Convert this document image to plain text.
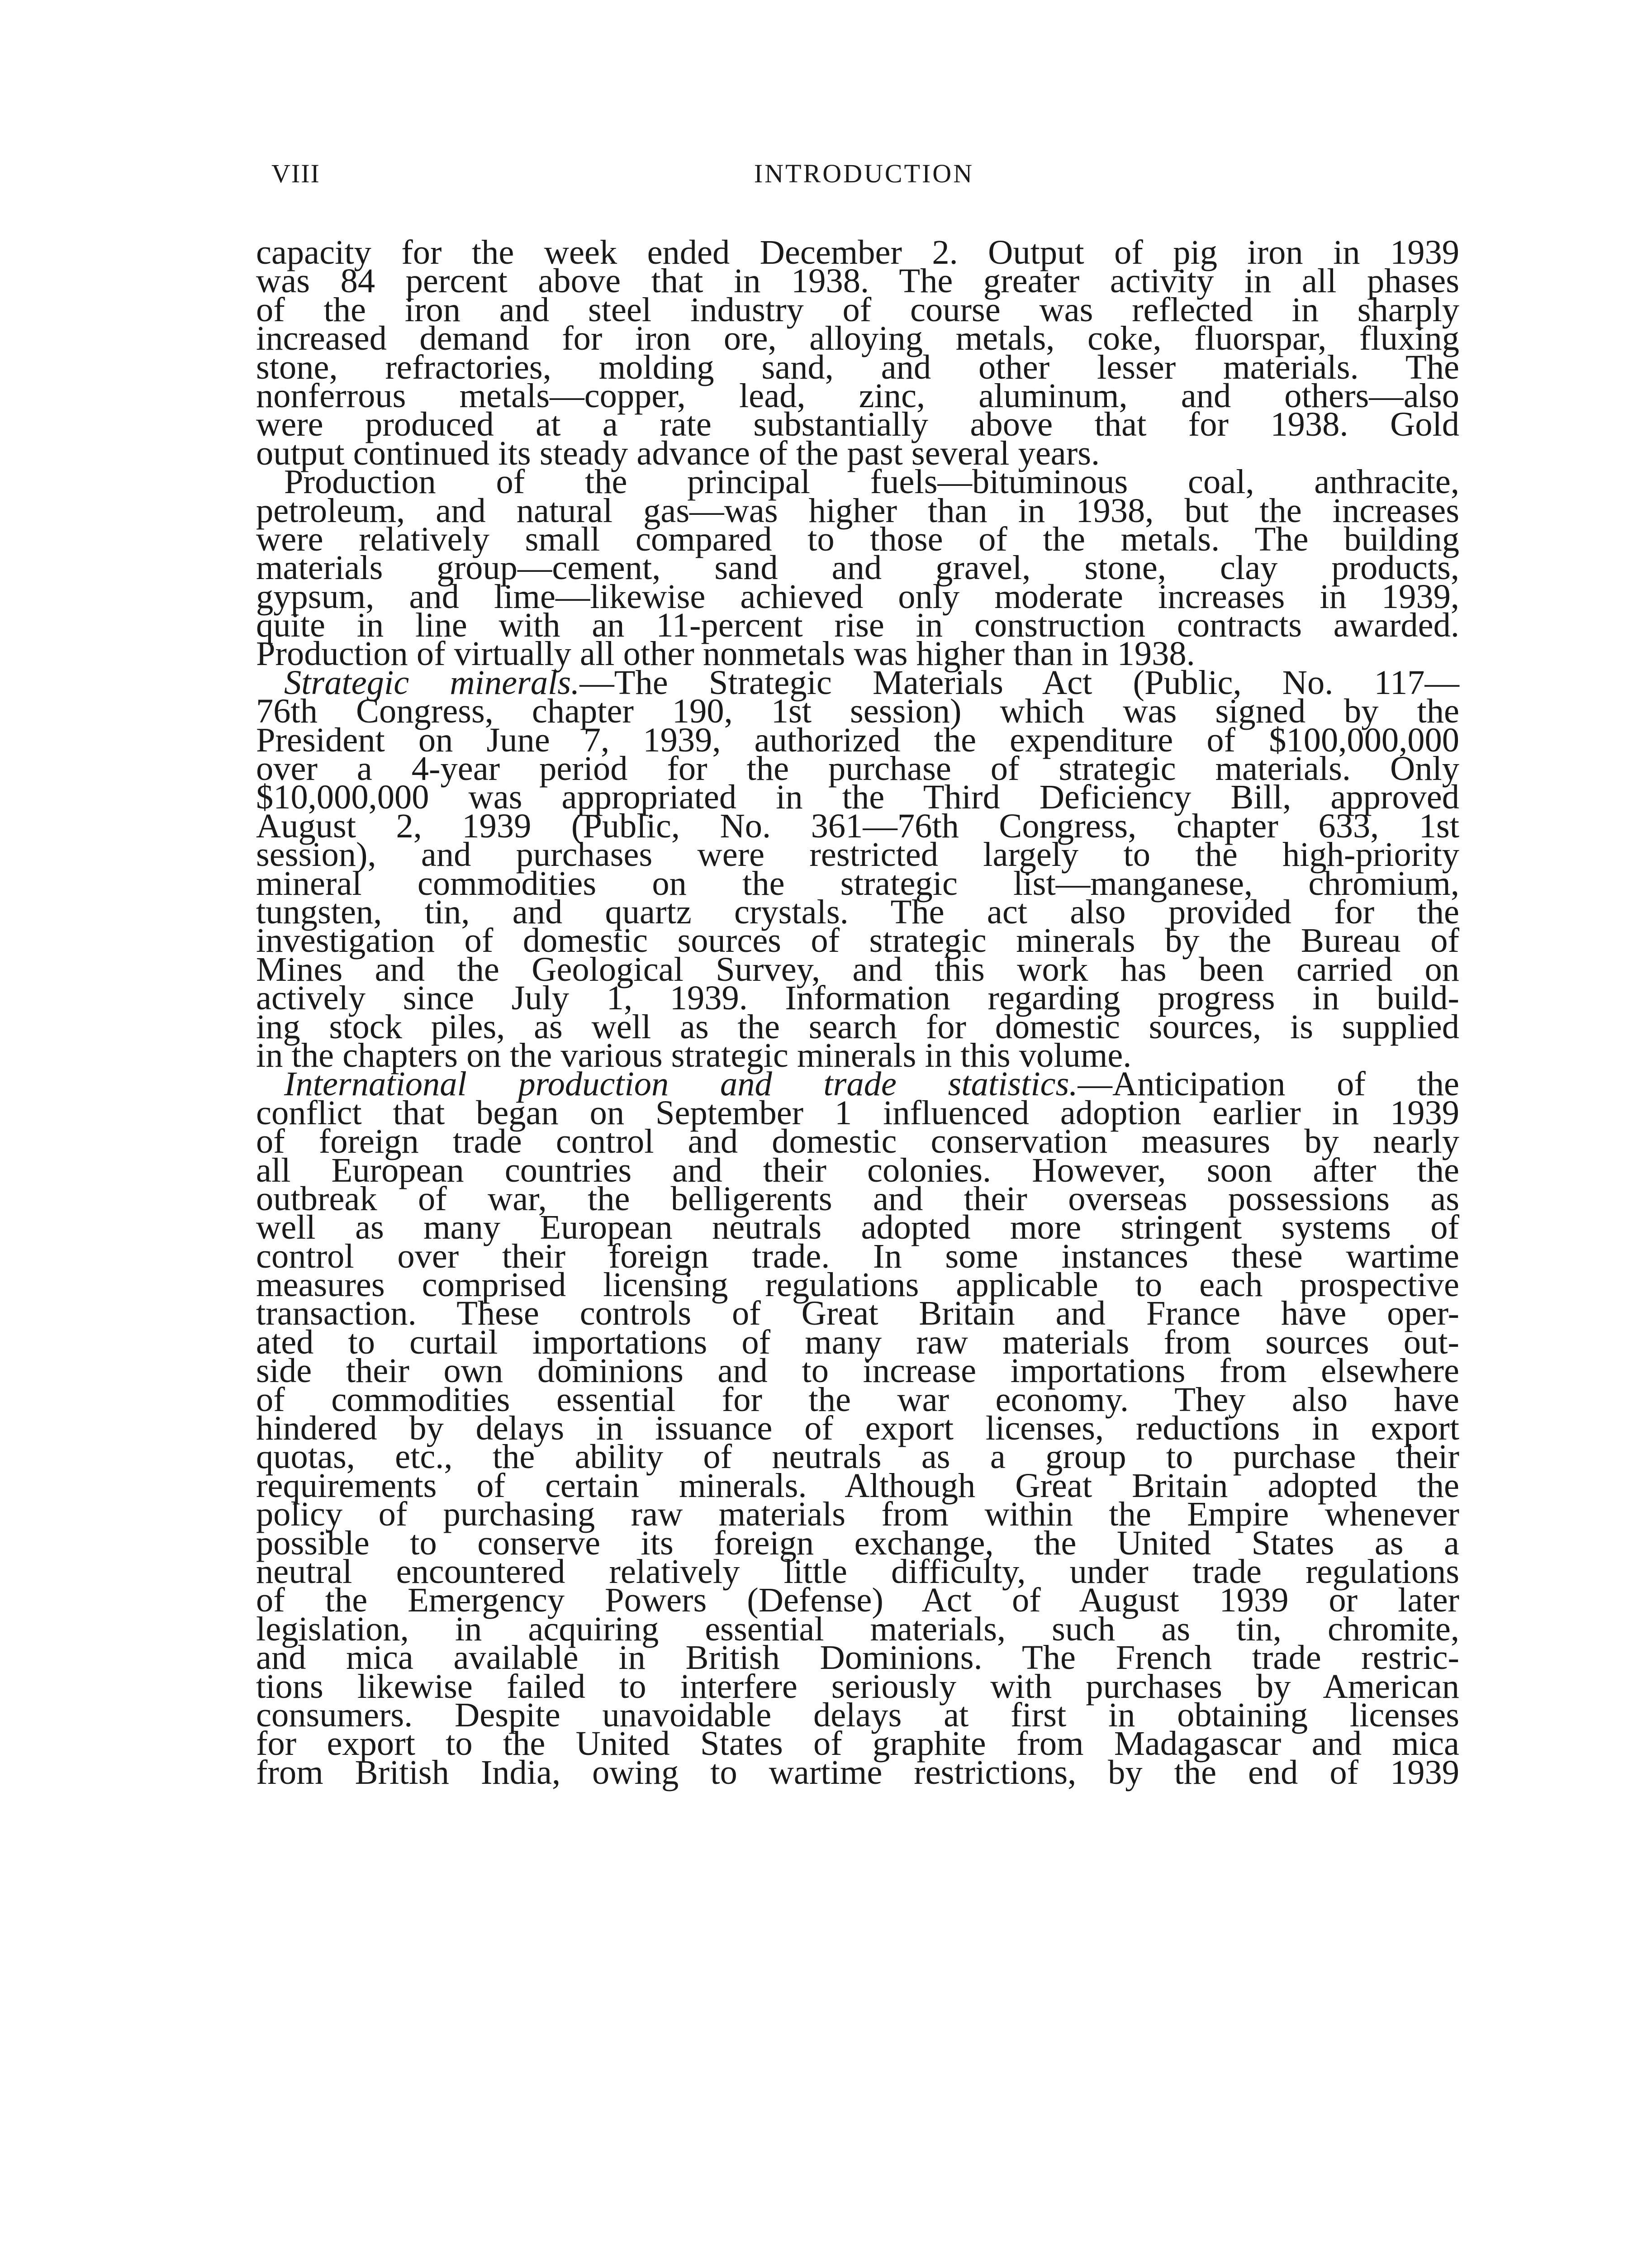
VIII	INTRODUCTION
capacity for the week ended December 2. Output of pig iron in 1939
was 84 percent above that in 1938. The greater activity in all phases
of the iron and steel industry of course was reflected in sharply
increased demand for iron ore, alloying metals, coke, fluorspar, fluxing
stone, refractories, molding sand, and other lesser materials. The
nonferrous metals—copper, lead, zinc, aluminum, and others—also
were produced at a rate substantially above that for 1938. Gold
output continued its steady advance of the past several years.
Production of the principal fuels—bituminous coal, anthracite,
petroleum, and natural gas—was higher than in 1938, but the increases
were relatively small compared to those of the metals. The building
materials group—cement, sand and gravel, stone, clay products,
gypsum, and lime—likewise achieved only moderate increases in 1939,
quite in line with an 11-percent rise in construction contracts awarded.
Production of virtually all other nonmetals was higher than in 1938.
Strategic minerals.—The Strategic Materials Act (Public, No. 117—
76th Congress, chapter 190, 1st session) which was signed by the
President on June 7, 1939, authorized the expenditure of $100,000,000
over a 4-year period for the purchase of strategic materials. Only
$10,000,000 was appropriated in the Third Deficiency Bill, approved
August 2, 1939 (Public, No. 361—76th Congress, chapter 633, 1st
session), and purchases were restricted largely to the high-priority
mineral commodities on the strategic list—manganese, chromium,
tungsten, tin, and quartz crystals. The act also provided for the
investigation of domestic sources of strategic minerals by the Bureau of
Mines and the Geological Survey, and this work has been carried on
actively since July 1, 1939. Information regarding progress in build-
ing stock piles, as well as the search for domestic sources, is supplied
in the chapters on the various strategic minerals in this volume.
International production and trade statistics.—Anticipation of the
conflict that began on September 1 influenced adoption earlier in 1939
of foreign trade control and domestic conservation measures by nearly
all European countries and their colonies. However, soon after the
outbreak of war, the belligerents and their overseas possessions as
well as many European neutrals adopted more stringent systems of
control over their foreign trade. In some instances these wartime
measures comprised licensing regulations applicable to each prospective
transaction. These controls of Great Britain and France have oper-
ated to curtail importations of many raw materials from sources out-
side their own dominions and to increase importations from elsewhere
of commodities essential for the war economy. They also have
hindered by delays in issuance of export licenses, reductions in export
quotas, etc., the ability of neutrals as a group to purchase their
requirements of certain minerals. Although Great Britain adopted the
policy of purchasing raw materials from within the Empire whenever
possible to conserve its foreign exchange, the United States as a
neutral encountered relatively little difficulty, under trade regulations
of the Emergency Powers (Defense) Act of August 1939 or later
legislation, in acquiring essential materials, such as tin, chromite,
and mica available in British Dominions. The French trade restric-
tions likewise failed to interfere seriously with purchases by American
consumers. Despite unavoidable delays at first in obtaining licenses
for export to the United States of graphite from Madagascar and mica
from British India, owing to wartime restrictions, by the end of 1939
